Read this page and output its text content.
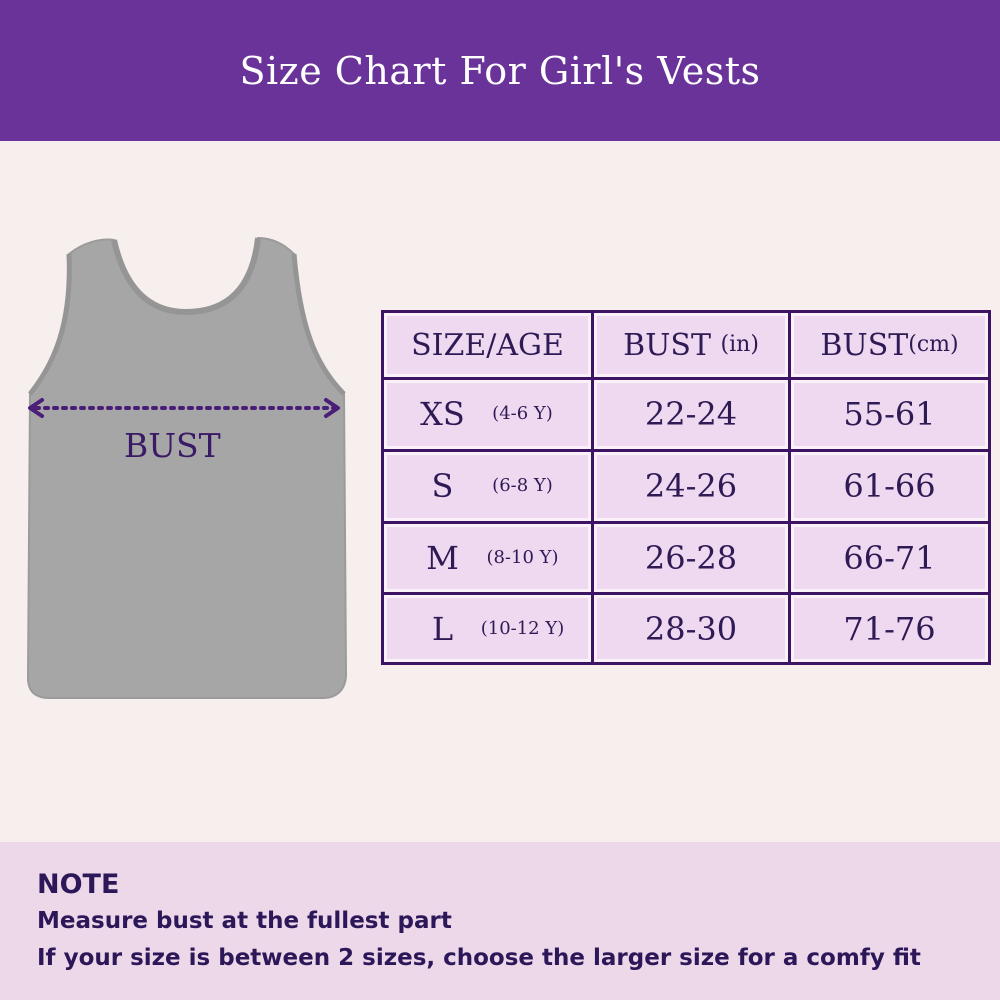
Size Chart For Girl's Vests
BUST
SIZE/AGE	BUST (in)	BUST(cm)
XS (4-6 Y)	22-24	55-61
S (6-8 Y)	24-26	61-66
M (8-10 Y)	26-28	66-71
L (10-12 Y)	28-30	71-76
NOTE
Measure bust at the fullest part
If your size is between 2 sizes, choose the larger size for a comfy fit
